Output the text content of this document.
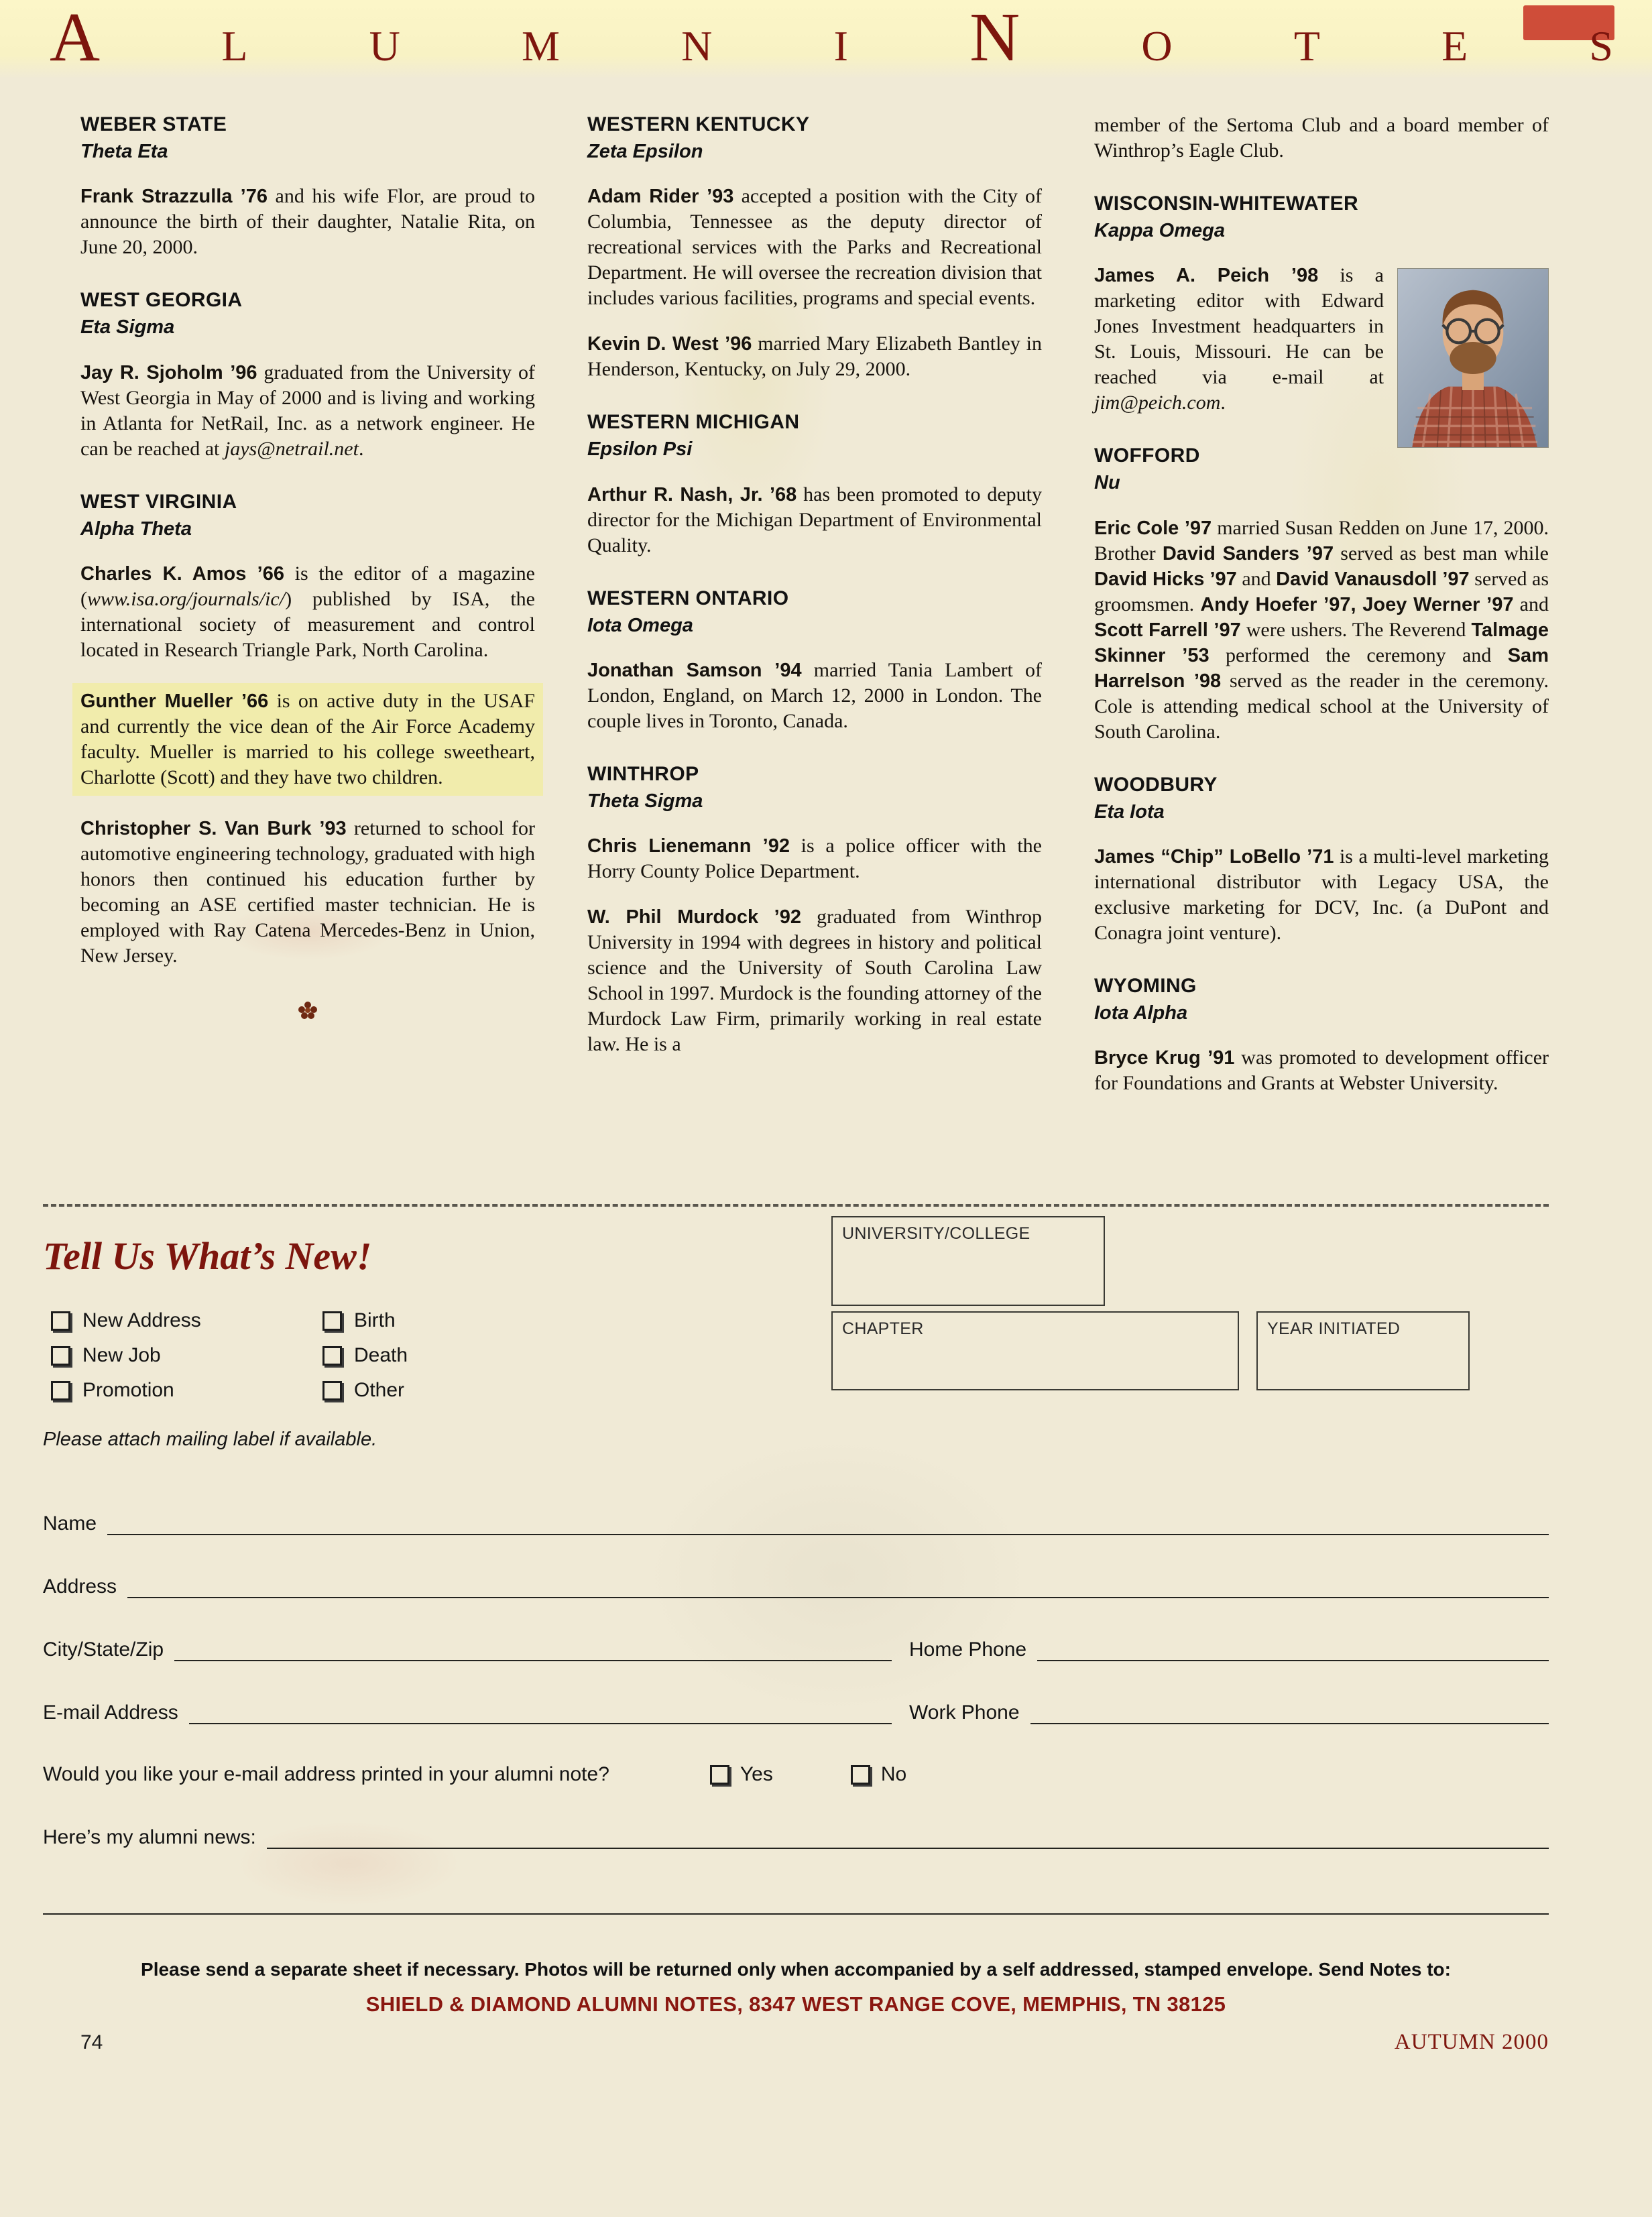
A	L	U	M	N	I N	O	T	E	S
WEBER STATE
Theta Eta

Frank Strazzulla ’76 and his wife Flor, are proud to announce the birth of their daughter, Natalie Rita, on June 20, 2000.

WEST GEORGIA
Eta Sigma

Jay R. Sjoholm ’96 graduated from the University of West Georgia in May of 2000 and is living and working in Atlanta for NetRail, Inc. as a network engineer. He can be reached at jays@netrail.net.

WEST VIRGINIA
Alpha Theta

Charles K. Amos ’66 is the editor of a magazine (www.isa.org/journals/ic/) published by ISA, the international society of measurement and control located in Research Triangle Park, North Carolina.

Gunther Mueller ’66 is on active duty in the USAF and currently the vice dean of the Air Force Academy faculty. Mueller is married to his college sweetheart, Charlotte (Scott) and they have two children.

Christopher S. Van Burk ’93 returned to school for automotive engineering technology, graduated with high honors then continued his education further by becoming an ASE certified master technician. He is employed with Ray Catena Mercedes-Benz in Union, New Jersey.

WESTERN KENTUCKY
Zeta Epsilon

Adam Rider ’93 accepted a position with the City of Columbia, Tennessee as the deputy director of recreational services with the Parks and Recreational Department. He will oversee the recreation division that includes various facilities, programs and special events.

Kevin D. West ’96 married Mary Elizabeth Bantley in Henderson, Kentucky, on July 29, 2000.

WESTERN MICHIGAN
Epsilon Psi

Arthur R. Nash, Jr. ’68 has been promoted to deputy director for the Michigan Department of Environmental Quality.

WESTERN ONTARIO
Iota Omega

Jonathan Samson ’94 married Tania Lambert of London, England, on March 12, 2000 in London. The couple lives in Toronto, Canada.

WINTHROP
Theta Sigma

Chris Lienemann ’92 is a police officer with the Horry County Police Department.

W. Phil Murdock ’92 graduated from Winthrop University in 1994 with degrees in history and political science and the University of South Carolina Law School in 1997. Murdock is the founding attorney of the Murdock Law Firm, primarily working in real estate law. He is a

member of the Sertoma Club and a board member of Winthrop’s Eagle Club.

WISCONSIN-WHITEWATER
Kappa Omega

James A. Peich ’98 is a marketing editor with Edward Jones Investment headquarters in St. Louis, Missouri. He can be reached via e-mail at jim@peich.com.

WOFFORD
Nu

Eric Cole ’97 married Susan Redden on June 17, 2000. Brother David Sanders ’97 served as best man while David Hicks ’97 and David Vanausdoll ’97 served as groomsmen. Andy Hoefer ’97, Joey Werner ’97 and Scott Farrell ’97 were ushers. The Reverend Talmage Skinner ’53 performed the ceremony and Sam Harrelson ’98 served as the reader in the ceremony. Cole is attending medical school at the University of South Carolina.

WOODBURY
Eta Iota

James “Chip” LoBello ’71 is a multi-level marketing international distributor with Legacy USA, the exclusive marketing for DCV, Inc. (a DuPont and Conagra joint venture).

WYOMING
Iota Alpha

Bryce Krug ’91 was promoted to development officer for Foundations and Grants at Webster University.

Tell Us What’s New!
New Address	Birth
New Job	Death
Promotion	Other
Please attach mailing label if available.
UNIVERSITY/COLLEGE
CHAPTER	YEAR INITIATED
Name
Address
City/State/Zip	Home Phone
E-mail Address	Work Phone
Would you like your e-mail address printed in your alumni note?	Yes	No
Here’s my alumni news:
Please send a separate sheet if necessary. Photos will be returned only when accompanied by a self addressed, stamped envelope. Send Notes to:
SHIELD & DIAMOND ALUMNI NOTES, 8347 WEST RANGE COVE, MEMPHIS, TN 38125
74	AUTUMN 2000
